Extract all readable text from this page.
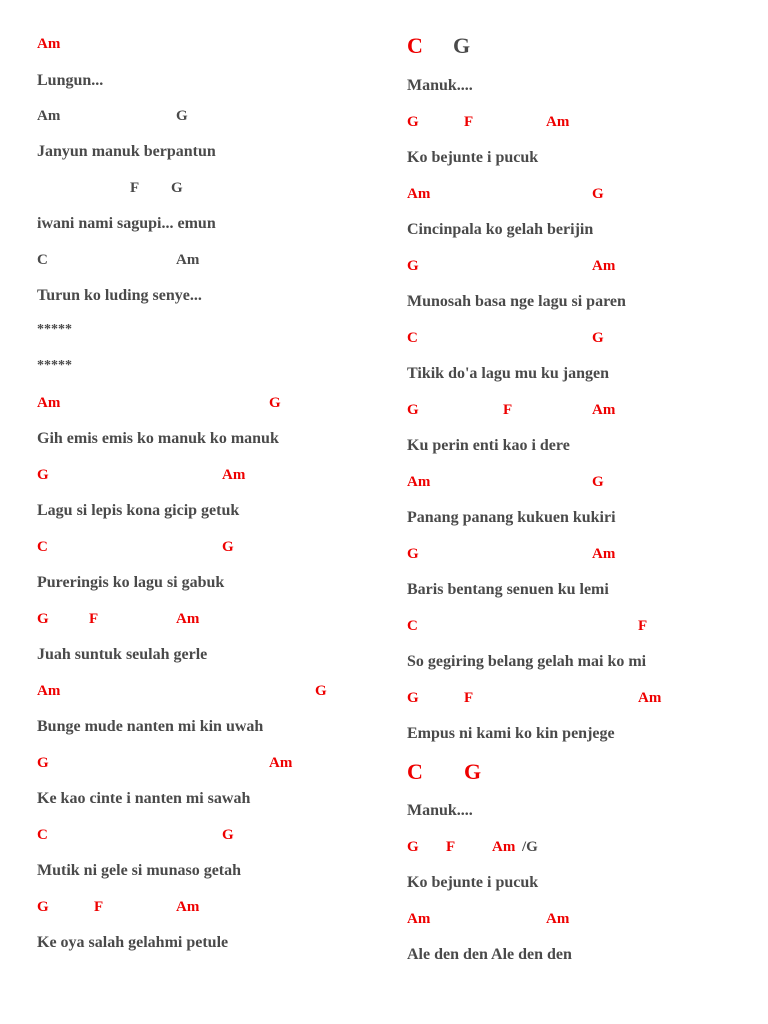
Am
Lungun...
Am	G
Janyun manuk berpantun
F G
iwani nami sagupi... emun
C	Am
Turun ko luding senye...
*****
*****
Am	G
Gih emis emis ko manuk ko manuk
G	Am
Lagu si lepis kona gicip getuk
C	G
Pureringis ko lagu si gabuk
G	F	Am
Juah suntuk seulah gerle
Am	G
Bunge mude nanten mi kin uwah
G	Am
Ke kao cinte i nanten mi sawah
C	G
Mutik ni gele si munaso getah
G	F	Am
Ke oya salah gelahmi petule
C G
Manuk....
G	F	Am
Ko bejunte i pucuk
Am	G
Cincinpala ko gelah berijin
G	Am
Munosah basa nge lagu si paren
C	G
Tikik do'a lagu mu ku jangen
G	F	Am
Ku perin enti kao i dere
Am	G
Panang panang kukuen kukiri
G	Am
Baris bentang senuen ku lemi
C	F
So gegiring belang gelah mai ko mi
G	F	Am
Empus ni kami ko kin penjege
C G
Manuk....
G F Am /G
Ko bejunte i pucuk
Am	Am
Ale den den Ale den den
